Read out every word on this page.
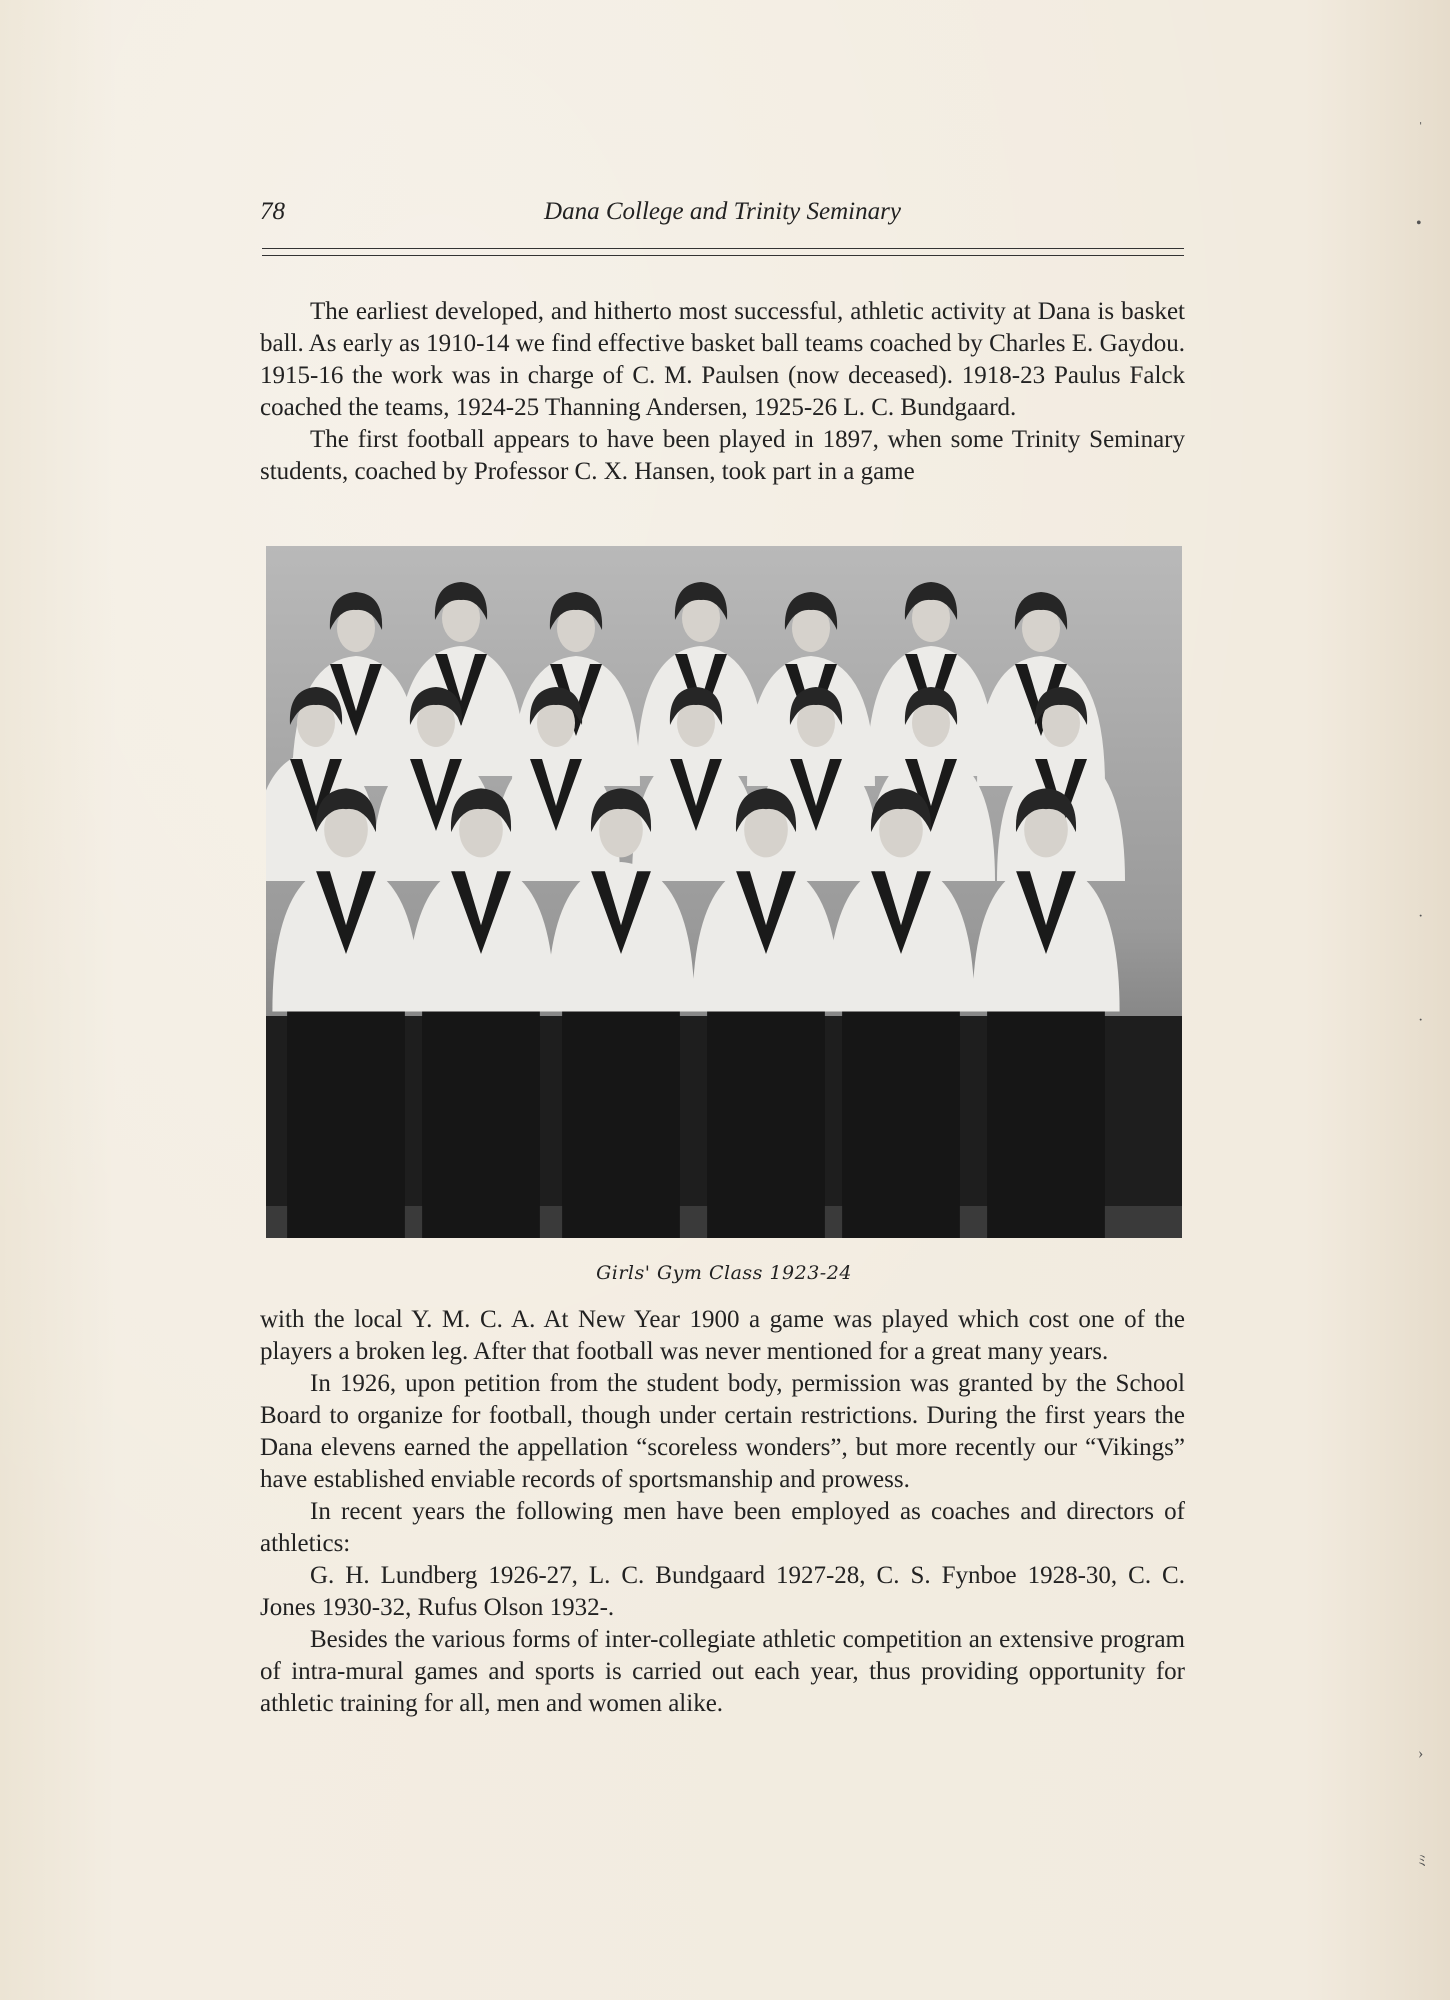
78	Dana College and Trinity Seminary

The earliest developed, and hitherto most successful, athletic activity at Dana is basket ball. As early as 1910-14 we find effective basket ball teams coached by Charles E. Gaydou. 1915-16 the work was in charge of C. M. Paulsen (now deceased). 1918-23 Paulus Falck coached the teams, 1924-25 Thanning Andersen, 1925-26 L. C. Bundgaard.

The first football appears to have been played in 1897, when some Trinity Seminary students, coached by Professor C. X. Hansen, took part in a game

Girls' Gym Class 1923-24

with the local Y. M. C. A. At New Year 1900 a game was played which cost one of the players a broken leg. After that football was never mentioned for a great many years.

In 1926, upon petition from the student body, permission was granted by the School Board to organize for football, though under certain restrictions. During the first years the Dana elevens earned the appellation “scoreless wonders”, but more recently our “Vikings” have established enviable records of sportsmanship and prowess.

In recent years the following men have been employed as coaches and directors of athletics:

G. H. Lundberg 1926-27, L. C. Bundgaard 1927-28, C. S. Fynboe 1928-30, C. C. Jones 1930-32, Rufus Olson 1932-.

Besides the various forms of inter-collegiate athletic competition an extensive program of intra-mural games and sports is carried out each year, thus providing opportunity for athletic training for all, men and women alike.

ˌ
•
·
·
›
ﾐ
